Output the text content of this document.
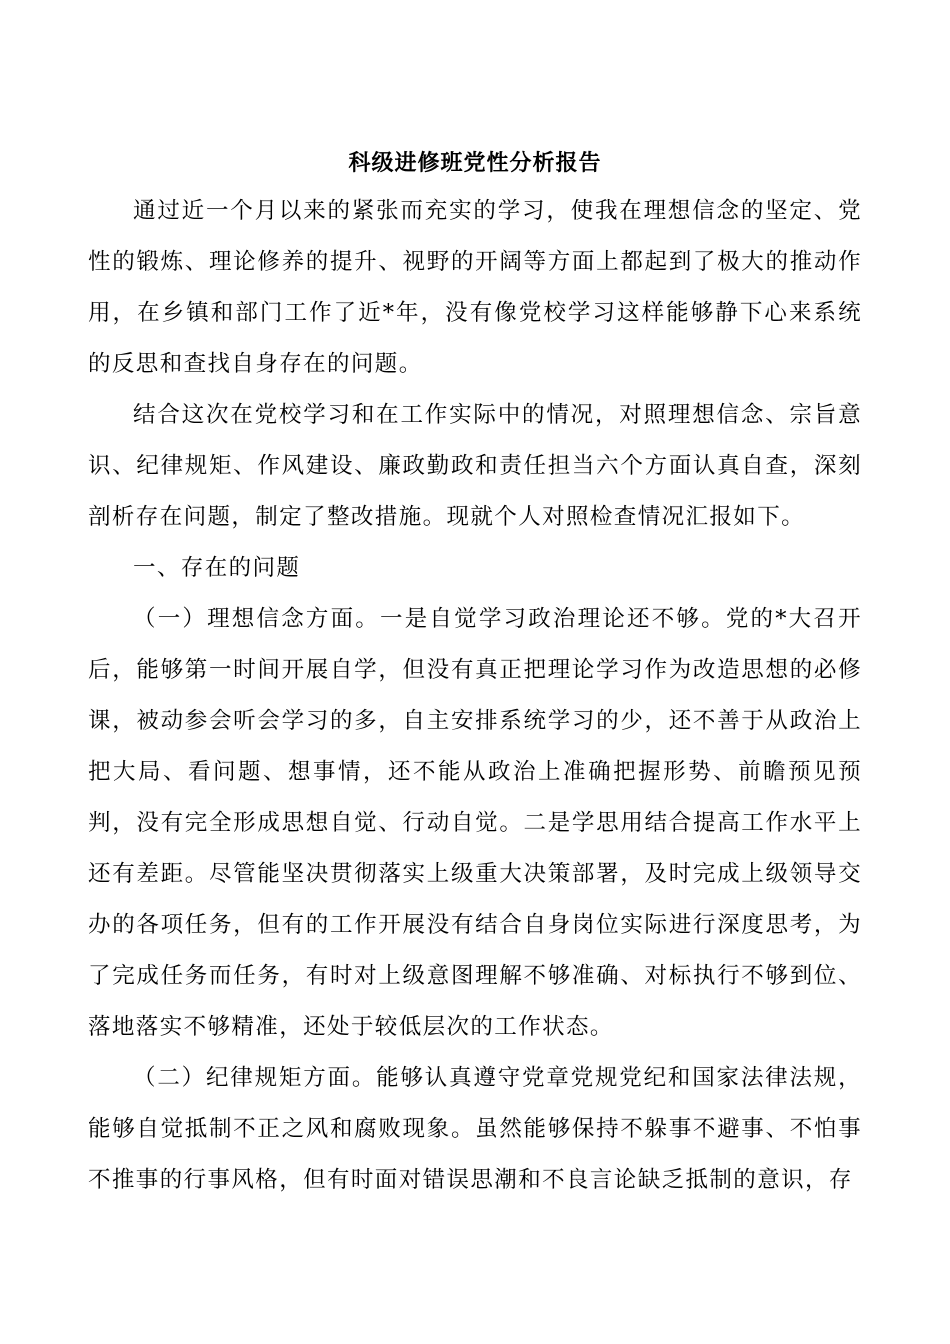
科级进修班党性分析报告

通过近一个月以来的紧张而充实的学习，使我在理想信念的坚定、党性的锻炼、理论修养的提升、视野的开阔等方面上都起到了极大的推动作用，在乡镇和部门工作了近*年，没有像党校学习这样能够静下心来系统的反思和查找自身存在的问题。

结合这次在党校学习和在工作实际中的情况，对照理想信念、宗旨意识、纪律规矩、作风建设、廉政勤政和责任担当六个方面认真自查，深刻剖析存在问题，制定了整改措施。现就个人对照检查情况汇报如下。

一、存在的问题

（一）理想信念方面。一是自觉学习政治理论还不够。党的*大召开后，能够第一时间开展自学，但没有真正把理论学习作为改造思想的必修课，被动参会听会学习的多，自主安排系统学习的少，还不善于从政治上把大局、看问题、想事情，还不能从政治上准确把握形势、前瞻预见预判，没有完全形成思想自觉、行动自觉。二是学思用结合提高工作水平上还有差距。尽管能坚决贯彻落实上级重大决策部署，及时完成上级领导交办的各项任务，但有的工作开展没有结合自身岗位实际进行深度思考，为了完成任务而任务，有时对上级意图理解不够准确、对标执行不够到位、落地落实不够精准，还处于较低层次的工作状态。

（二）纪律规矩方面。能够认真遵守党章党规党纪和国家法律法规，能够自觉抵制不正之风和腐败现象。虽然能够保持不躲事不避事、不怕事不推事的行事风格，但有时面对错误思潮和不良言论缺乏抵制的意识，存
